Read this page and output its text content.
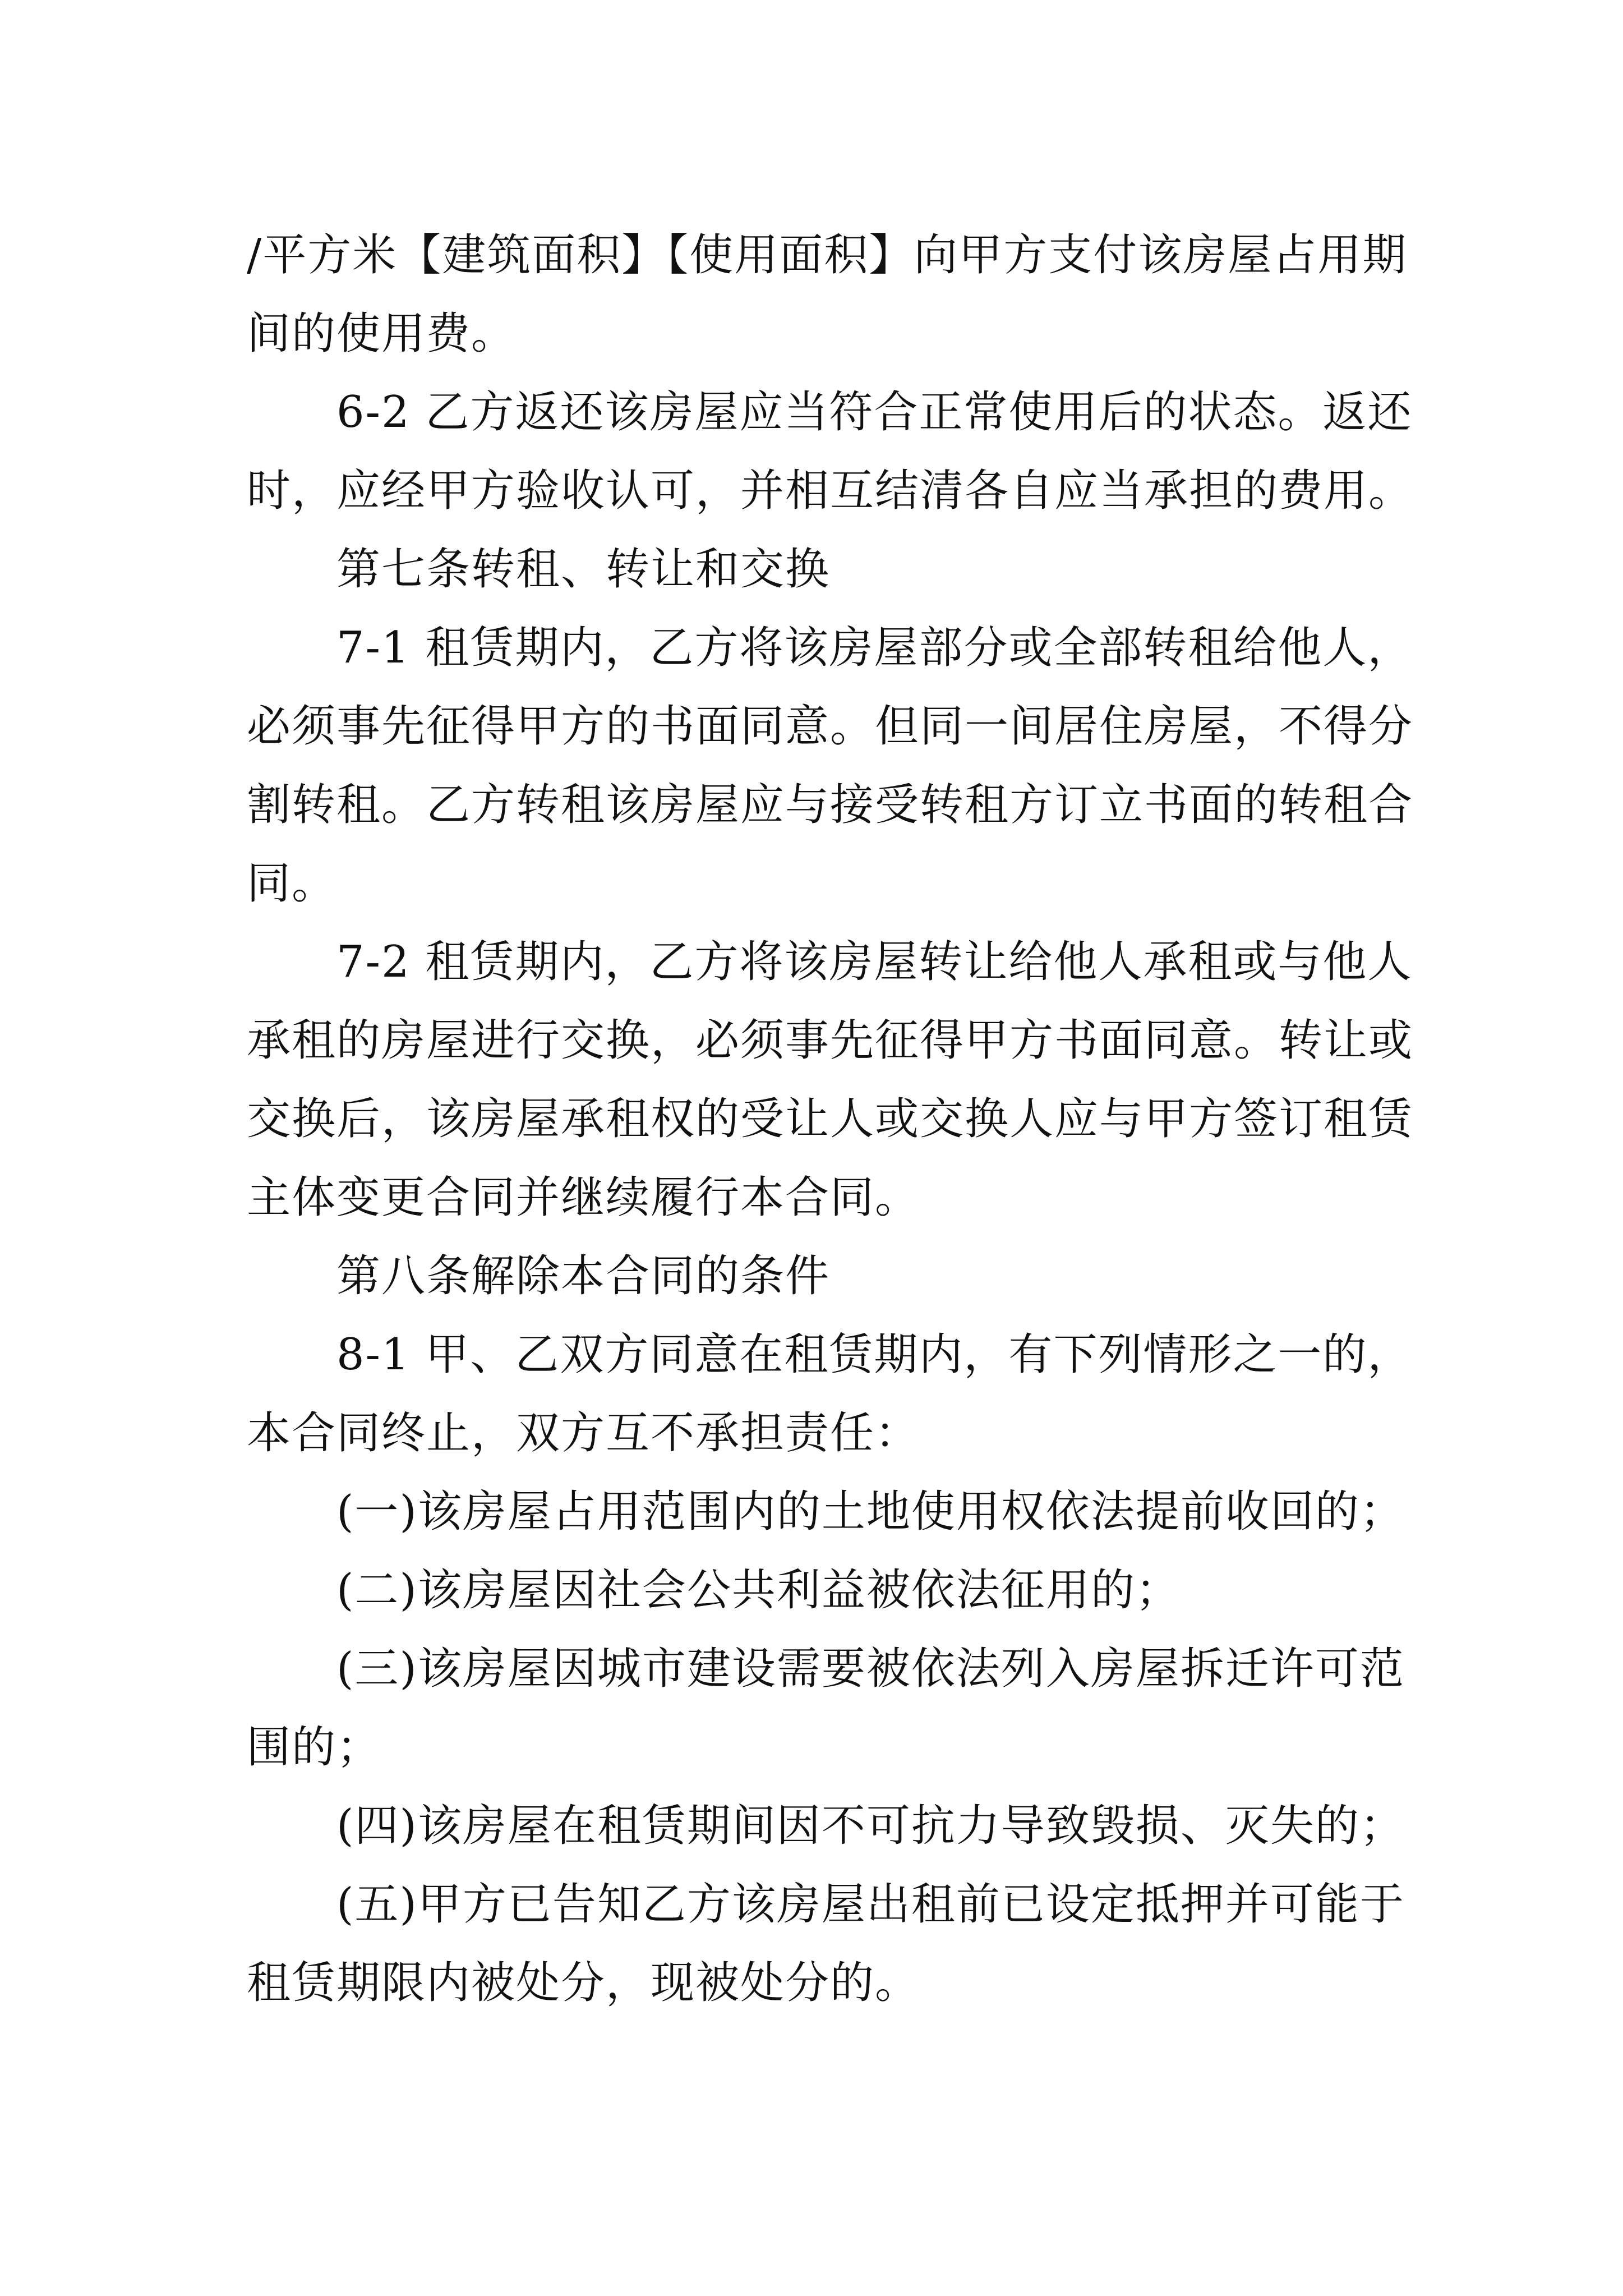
/平方米【建筑面积】【使用面积】向甲方支付该房屋占用期
间的使用费。
6-2 乙方返还该房屋应当符合正常使用后的状态。返还
时，应经甲方验收认可，并相互结清各自应当承担的费用。
第七条转租、转让和交换
7-1 租赁期内，乙方将该房屋部分或全部转租给他人，
必须事先征得甲方的书面同意。但同一间居住房屋，不得分
割转租。乙方转租该房屋应与接受转租方订立书面的转租合
同。
7-2 租赁期内，乙方将该房屋转让给他人承租或与他人
承租的房屋进行交换，必须事先征得甲方书面同意。转让或
交换后，该房屋承租权的受让人或交换人应与甲方签订租赁
主体变更合同并继续履行本合同。
第八条解除本合同的条件
8-1 甲、乙双方同意在租赁期内，有下列情形之一的，
本合同终止，双方互不承担责任：
(一)该房屋占用范围内的土地使用权依法提前收回的；
(二)该房屋因社会公共利益被依法征用的；
(三)该房屋因城市建设需要被依法列入房屋拆迁许可范
围的；
(四)该房屋在租赁期间因不可抗力导致毁损、灭失的；
(五)甲方已告知乙方该房屋出租前已设定抵押并可能于
租赁期限内被处分，现被处分的。
